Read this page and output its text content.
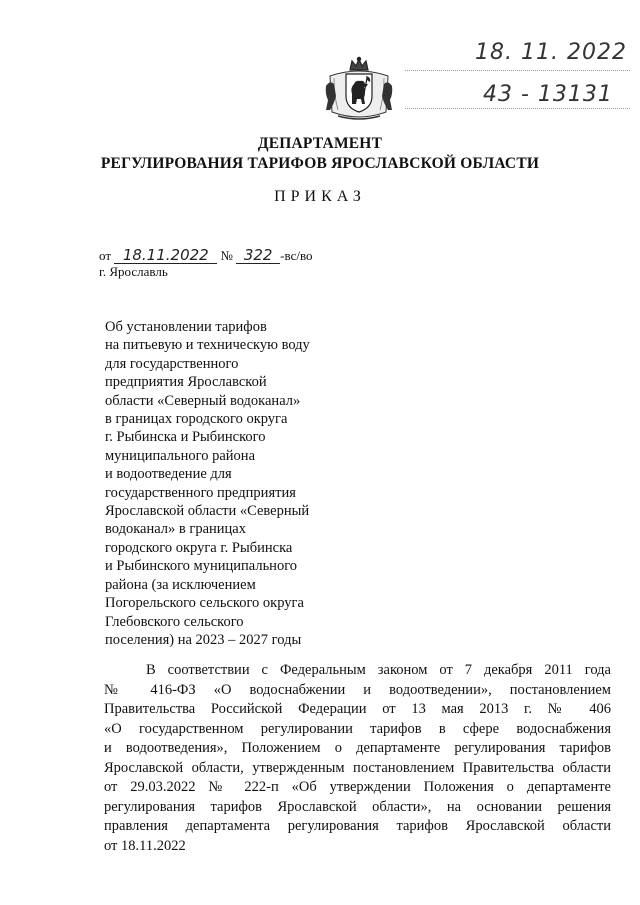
18. 11. 2022
43 - 13131
ДЕПАРТАМЕНТ
РЕГУЛИРОВАНИЯ ТАРИФОВ ЯРОСЛАВСКОЙ ОБЛАСТИ
ПРИКАЗ
от 18.11.2022 № 322 -вс/во
г. Ярославль
Об установлении тарифов
на питьевую и техническую воду
для государственного
предприятия Ярославской
области «Северный водоканал»
в границах городского округа
г. Рыбинска и Рыбинского
муниципального района
и водоотведение для
государственного предприятия
Ярославской области «Северный
водоканал» в границах
городского округа г. Рыбинска
и Рыбинского муниципального
района (за исключением
Погорельского сельского округа
Глебовского сельского
поселения) на 2023 – 2027 годы
В соответствии с Федеральным законом от 7 декабря 2011 года
№ 416-ФЗ «О водоснабжении и водоотведении», постановлением
Правительства Российской Федерации от 13 мая 2013 г. № 406
«О государственном регулировании тарифов в сфере водоснабжения
и водоотведения», Положением о департаменте регулирования тарифов
Ярославской области, утвержденным постановлением Правительства области
от 29.03.2022 № 222-п «Об утверждении Положения о департаменте
регулирования тарифов Ярославской области», на основании решения
правления департамента регулирования тарифов Ярославской области
от 18.11.2022
